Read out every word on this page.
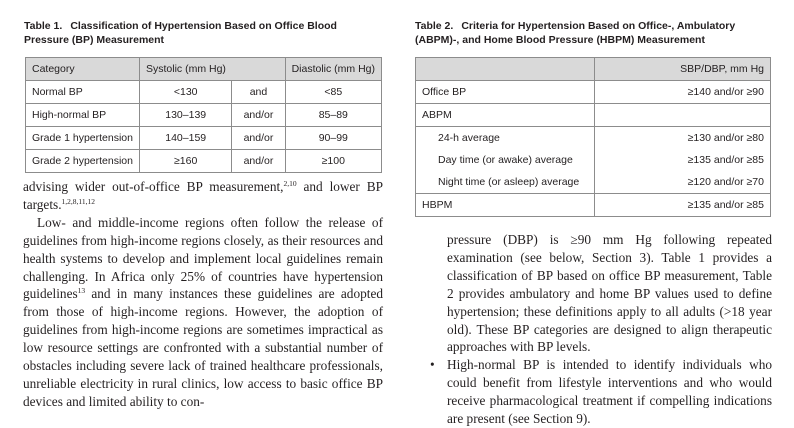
Table 1. Classification of Hypertension Based on Office Blood Pressure (BP) Measurement
Category	Systolic (mm Hg)		Diastolic (mm Hg)
Normal BP	<130	and	<85
High-normal BP	130–139	and/or	85–89
Grade 1 hypertension	140–159	and/or	90–99
Grade 2 hypertension	≥160	and/or	≥100
Table 2. Criteria for Hypertension Based on Office-, Ambulatory (ABPM)-, and Home Blood Pressure (HBPM) Measurement
	SBP/DBP, mm Hg
Office BP	≥140 and/or ≥90
ABPM	
24-h average	≥130 and/or ≥80
Day time (or awake) average	≥135 and/or ≥85
Night time (or asleep) average	≥120 and/or ≥70
HBPM	≥135 and/or ≥85

advising wider out-of-office BP measurement,$^{2,10}$ and lower BP targets.$^{1,2,8,11,12}$

Low- and middle-income regions often follow the release of guidelines from high-income regions closely, as their resources and health systems to develop and implement local guidelines remain challenging. In Africa only 25% of countries have hypertension guidelines$^{13}$ and in many instances these guidelines are adopted from those of high-income regions. However, the adoption of guidelines from high-income regions are sometimes impractical as low resource settings are confronted with a substantial number of obstacles including severe lack of trained healthcare professionals, unreliable electricity in rural clinics, low access to basic office BP devices and limited ability to con-

pressure (DBP) is ≥90 mm Hg following repeated examination (see below, Section 3). Table 1 provides a classification of BP based on office BP measurement, Table 2 provides ambulatory and home BP values used to define hypertension; these definitions apply to all adults (>18 year old). These BP categories are designed to align therapeutic approaches with BP levels.

• High-normal BP is intended to identify individuals who could benefit from lifestyle interventions and who would receive pharmacological treatment if compelling indications are present (see Section 9).
